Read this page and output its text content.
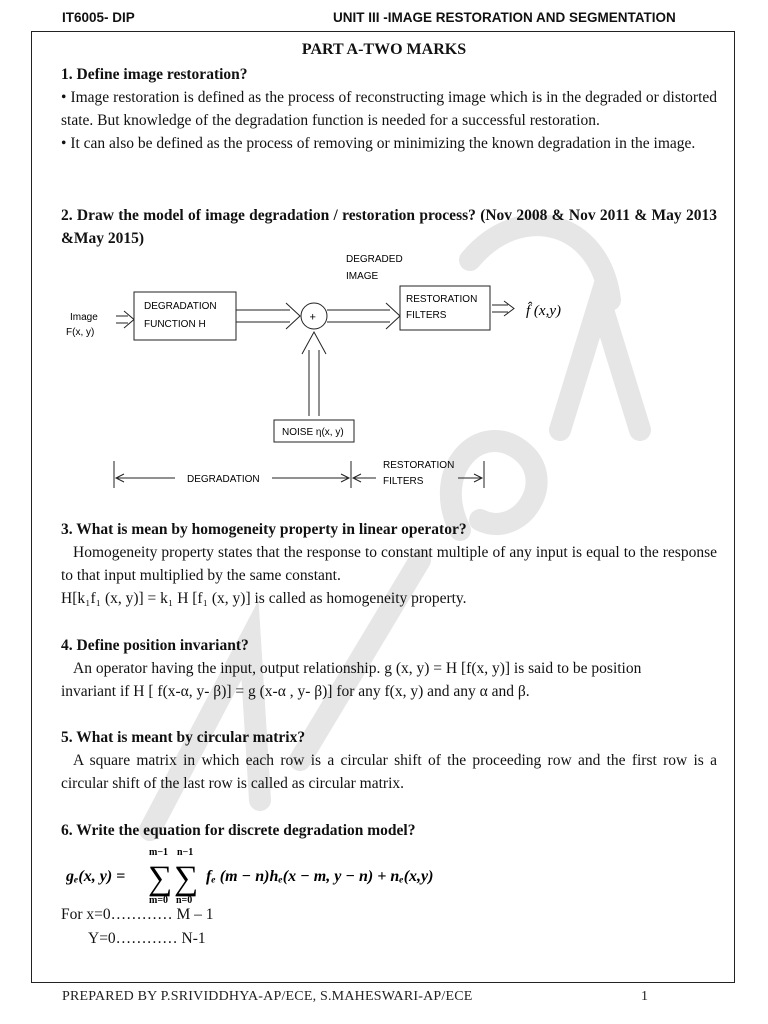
IT6005- DIP	UNIT III -IMAGE RESTORATION AND SEGMENTATION
PART A-TWO MARKS
1. Define image restoration?
• Image restoration is defined as the process of reconstructing image which is in the degraded or distorted state. But knowledge of the degradation function is needed for a successful restoration.
• It can also be defined as the process of removing or minimizing the known degradation in the image.
2. Draw the model of image degradation / restoration process? (Nov 2008 & Nov 2011 & May 2013 &May 2015)
DEGRADED
IMAGE
Image
F(x, y)
DEGRADATION
FUNCTION H
+
RESTORATION
FILTERS	f̂ (x,y)
NOISE η(x, y)
DEGRADATION
RESTORATION
FILTERS
3. What is mean by homogeneity property in linear operator?
Homogeneity property states that the response to constant multiple of any input is equal to the response to that input multiplied by the same constant.
H[k₁f₁ (x, y)] = k₁ H [f₁ (x, y)] is called as homogeneity property.
4. Define position invariant?
An operator having the input, output relationship. g (x, y) = H [f(x, y)] is said to be position
invariant if H [ f(x-α, y- β)] = g (x-α , y- β)] for any f(x, y) and any α and β.
5. What is meant by circular matrix?
A square matrix in which each row is a circular shift of the proceeding row and the first row is a circular shift of the last row is called as circular matrix.
6. Write the equation for discrete degradation model?
gₑ(x, y) =
m−1
∑
m=0
n−1
∑
n=0
fₑ (m − n)hₑ(x − m, y − n) + nₑ(x,y)
For x=0………… M – 1
Y=0………… N-1
PREPARED BY P.SRIVIDDHYA-AP/ECE, S.MAHESWARI-AP/ECE	1
